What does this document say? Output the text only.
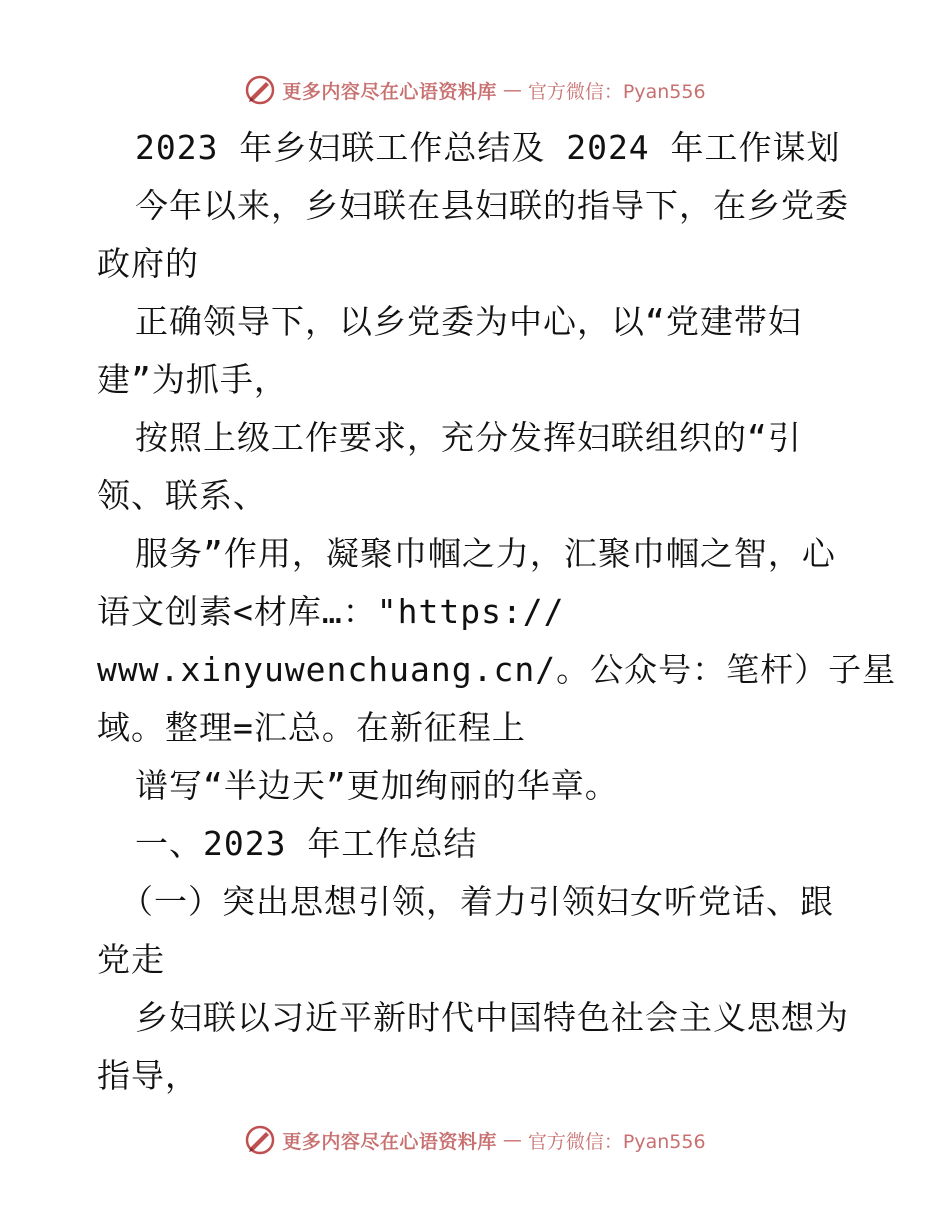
更多内容尽在心语资料库 — 官方微信：Pyan556
2023 年乡妇联工作总结及 2024 年工作谋划
今年以来，乡妇联在县妇联的指导下，在乡党委
政府的
正确领导下，以乡党委为中心，以“党建带妇
建”为抓手，
按照上级工作要求，充分发挥妇联组织的“引
领、联系、
服务”作用，凝聚巾帼之力，汇聚巾帼之智，心
语文创素<材库…："https://
www.xinyuwenchuang.cn/。公众号：笔杆）子星
域。整理=汇总。在新征程上
谱写“半边天”更加绚丽的华章。
一、2023 年工作总结
（一）突出思想引领，着力引领妇女听党话、跟
党走
乡妇联以习近平新时代中国特色社会主义思想为
指导，
更多内容尽在心语资料库 — 官方微信：Pyan556
